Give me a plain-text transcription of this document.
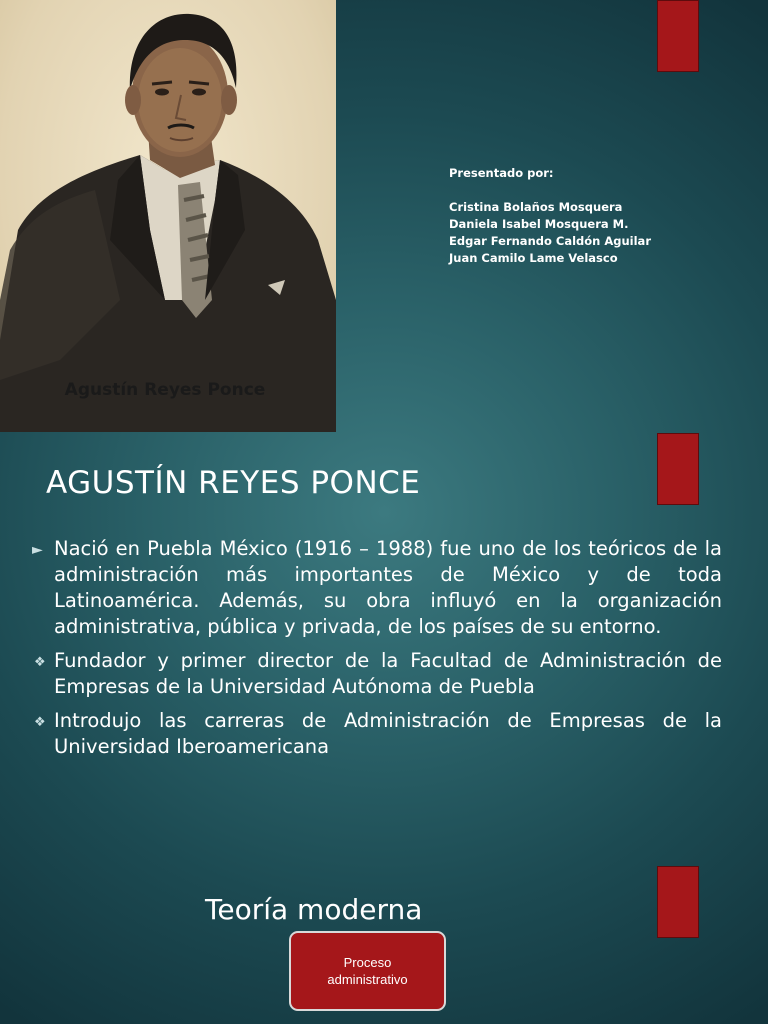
Agustín Reyes Ponce
Presentado por:
Cristina Bolaños Mosquera
Daniela Isabel Mosquera M.
Edgar Fernando Caldón Aguilar
Juan Camilo Lame Velasco
AGUSTÍN REYES PONCE
► Nació en Puebla México (1916 – 1988) fue uno de los teóricos de la administración más importantes de México y de toda Latinoamérica. Además, su obra influyó en la organización administrativa, pública y privada, de los países de su entorno.
❖ Fundador y primer director de la Facultad de Administración de Empresas de la Universidad Autónoma de Puebla
❖ Introdujo las carreras de Administración de Empresas de la Universidad Iberoamericana
Teoría moderna
Proceso
administrativo
